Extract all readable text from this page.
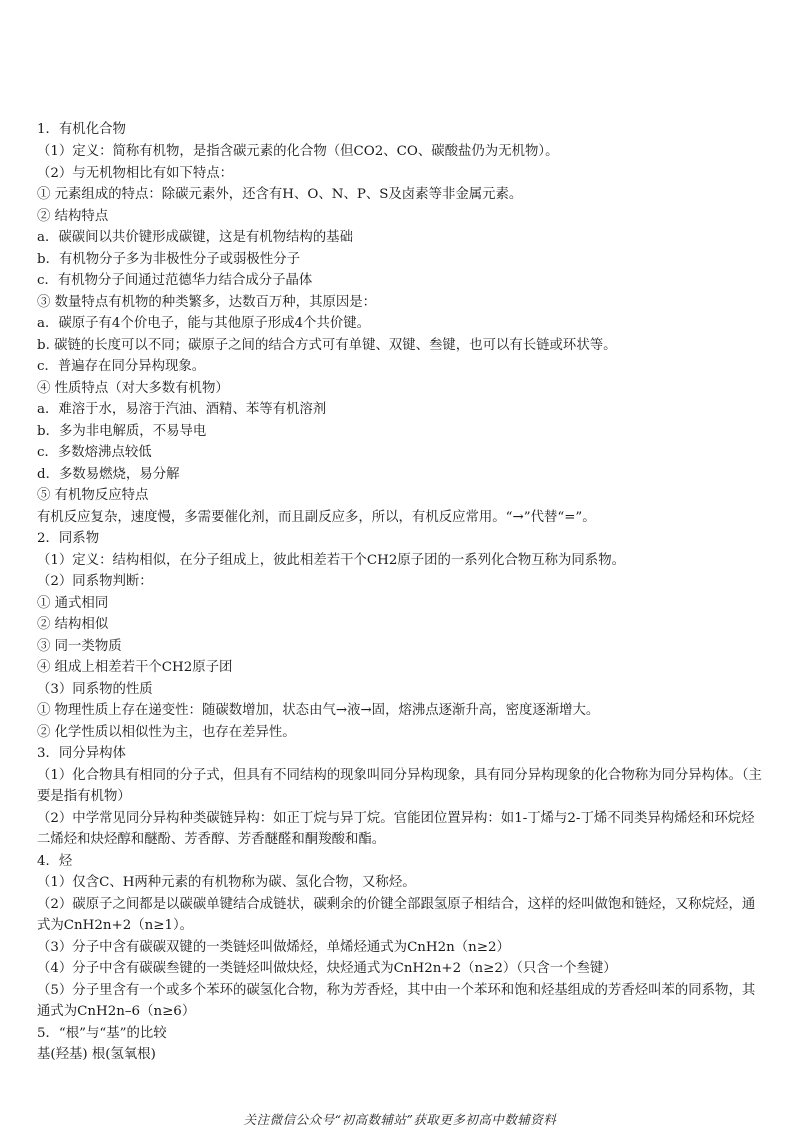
1．有机化合物
（1）定义：简称有机物，是指含碳元素的化合物（但CO2、CO、碳酸盐仍为无机物）。
（2）与无机物相比有如下特点：
① 元素组成的特点：除碳元素外，还含有H、O、N、P、S及卤素等非金属元素。
② 结构特点
a．碳碳间以共价键形成碳键，这是有机物结构的基础
b．有机物分子多为非极性分子或弱极性分子
c．有机物分子间通过范德华力结合成分子晶体
③ 数量特点有机物的种类繁多，达数百万种，其原因是：
a．碳原子有4个价电子，能与其他原子形成4个共价键。
b. 碳链的长度可以不同；碳原子之间的结合方式可有单键、双键、叁键，也可以有长链或环状等。
c．普遍存在同分异构现象。
④ 性质特点（对大多数有机物）
a．难溶于水，易溶于汽油、酒精、苯等有机溶剂
b．多为非电解质，不易导电
c．多数熔沸点较低
d．多数易燃烧，易分解
⑤ 有机物反应特点
有机反应复杂，速度慢，多需要催化剂，而且副反应多，所以，有机反应常用。“→”代替“=”。
2．同系物
（1）定义：结构相似，在分子组成上，彼此相差若干个CH2原子团的一系列化合物互称为同系物。
（2）同系物判断：
① 通式相同
② 结构相似
③ 同一类物质
④ 组成上相差若干个CH2原子团
（3）同系物的性质
① 物理性质上存在递变性：随碳数增加，状态由气→液→固，熔沸点逐渐升高，密度逐渐增大。
② 化学性质以相似性为主，也存在差异性。
3．同分异构体
（1）化合物具有相同的分子式，但具有不同结构的现象叫同分异构现象，具有同分异构现象的化合物称为同分异构体。（主要是指有机物）
（2）中学常见同分异构种类碳链异构：如正丁烷与异丁烷。官能团位置异构：如1-丁烯与2-丁烯不同类异构烯烃和环烷烃二烯烃和炔烃醇和醚酚、芳香醇、芳香醚醛和酮羧酸和酯。
4．烃
（1）仅含C、H两种元素的有机物称为碳、氢化合物，又称烃。
（2）碳原子之间都是以碳碳单键结合成链状，碳剩余的价键全部跟氢原子相结合，这样的烃叫做饱和链烃，又称烷烃，通式为CnH2n+2（n≥1）。
（3）分子中含有碳碳双键的一类链烃叫做烯烃，单烯烃通式为CnH2n（n≥2）
（4）分子中含有碳碳叁键的一类链烃叫做炔烃，炔烃通式为CnH2n+2（n≥2）（只含一个叁键）
（5）分子里含有一个或多个苯环的碳氢化合物，称为芳香烃，其中由一个苯环和饱和烃基组成的芳香烃叫苯的同系物，其通式为CnH2n–6（n≥6）
5．“根”与“基”的比较
基(羟基) 根(氢氧根)
关注微信公众号“初高数辅站”获取更多初高中数辅资料
